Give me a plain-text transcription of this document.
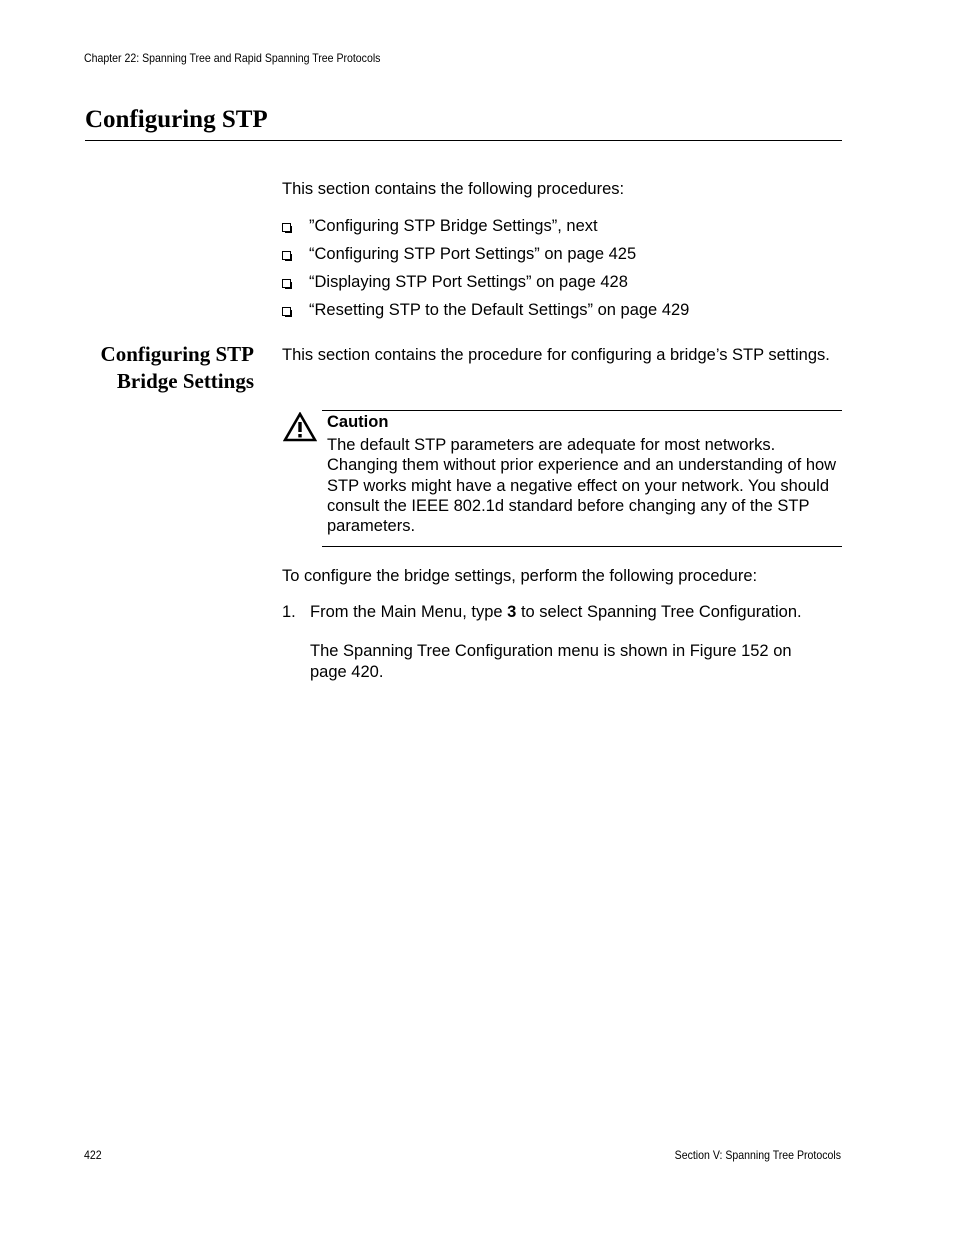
Chapter 22: Spanning Tree and Rapid Spanning Tree Protocols
Configuring STP

This section contains the following procedures:

”Configuring STP Bridge Settings”, next
“Configuring STP Port Settings” on page 425
“Displaying STP Port Settings” on page 428
“Resetting STP to the Default Settings” on page 429
Configuring STP
Bridge Settings

This section contains the procedure for configuring a bridge’s STP settings.

Caution

The default STP parameters are adequate for most networks. Changing them without prior experience and an understanding of how STP works might have a negative effect on your network. You should consult the IEEE 802.1d standard before changing any of the STP parameters.

To configure the bridge settings, perform the following procedure:

1. From the Main Menu, type 3 to select Spanning Tree Configuration.

The Spanning Tree Configuration menu is shown in Figure 152 on page 420.

422	Section V: Spanning Tree Protocols
